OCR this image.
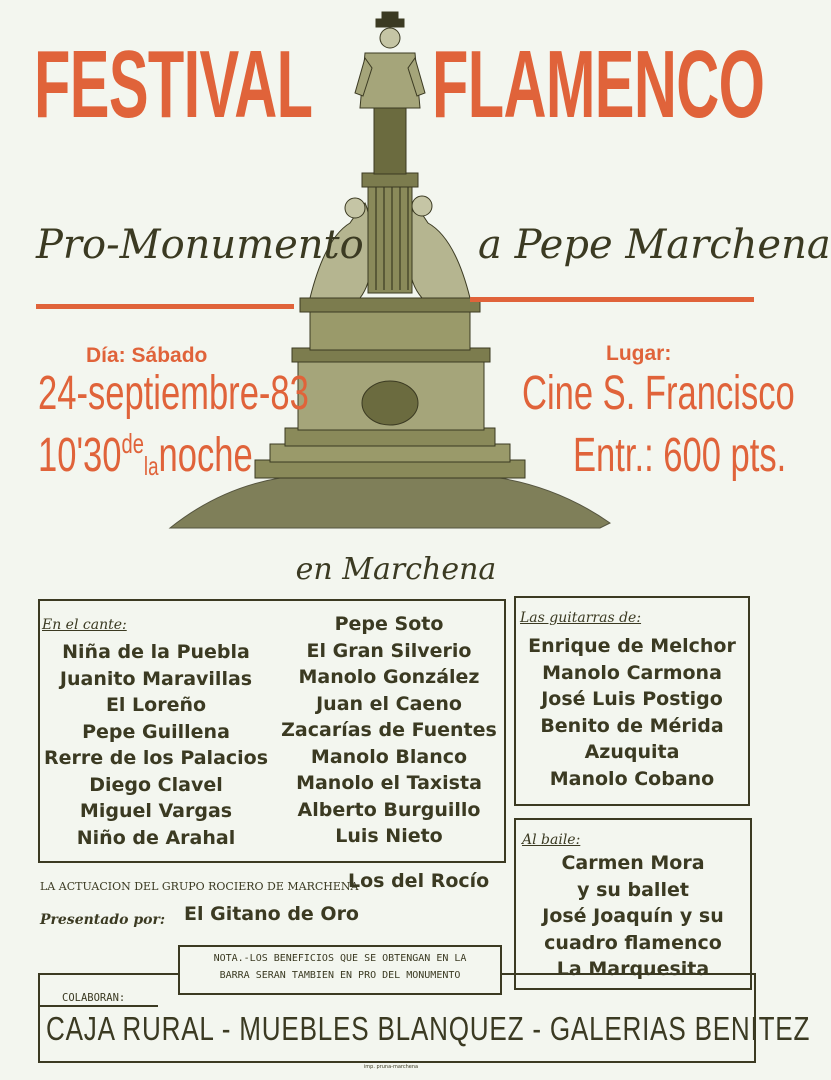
FESTIVAL FLAMENCO
Pro-Monumento	a Pepe Marchena
Día: Sábado
24-septiembre-83
10'30delanoche
Lugar:
Cine S. Francisco
Entr.: 600 pts.
en Marchena
En el cante:
Niña de la Puebla
Juanito Maravillas
El Loreño
Pepe Guillena
Rerre de los Palacios
Diego Clavel
Miguel Vargas
Niño de Arahal
Pepe Soto
El Gran Silverio
Manolo González
Juan el Caeno
Zacarías de Fuentes
Manolo Blanco
Manolo el Taxista
Alberto Burguillo
Luis Nieto
Las guitarras de:
Enrique de Melchor
Manolo Carmona
José Luis Postigo
Benito de Mérida
Azuquita
Manolo Cobano
Al baile:
Carmen Mora
y su ballet
José Joaquín y su
cuadro flamenco
La Marquesita
LA ACTUACION DEL GRUPO ROCIERO DE MARCHENA
Los del Rocío
Presentado por: El Gitano de Oro
COLABORAN:
CAJA RURAL - MUEBLES BLANQUEZ - GALERIAS BENITEZ
NOTA.-LOS BENEFICIOS QUE SE OBTENGAN EN LA
BARRA SERAN TAMBIEN EN PRO DEL MONUMENTO
imp. pruna-marchena
